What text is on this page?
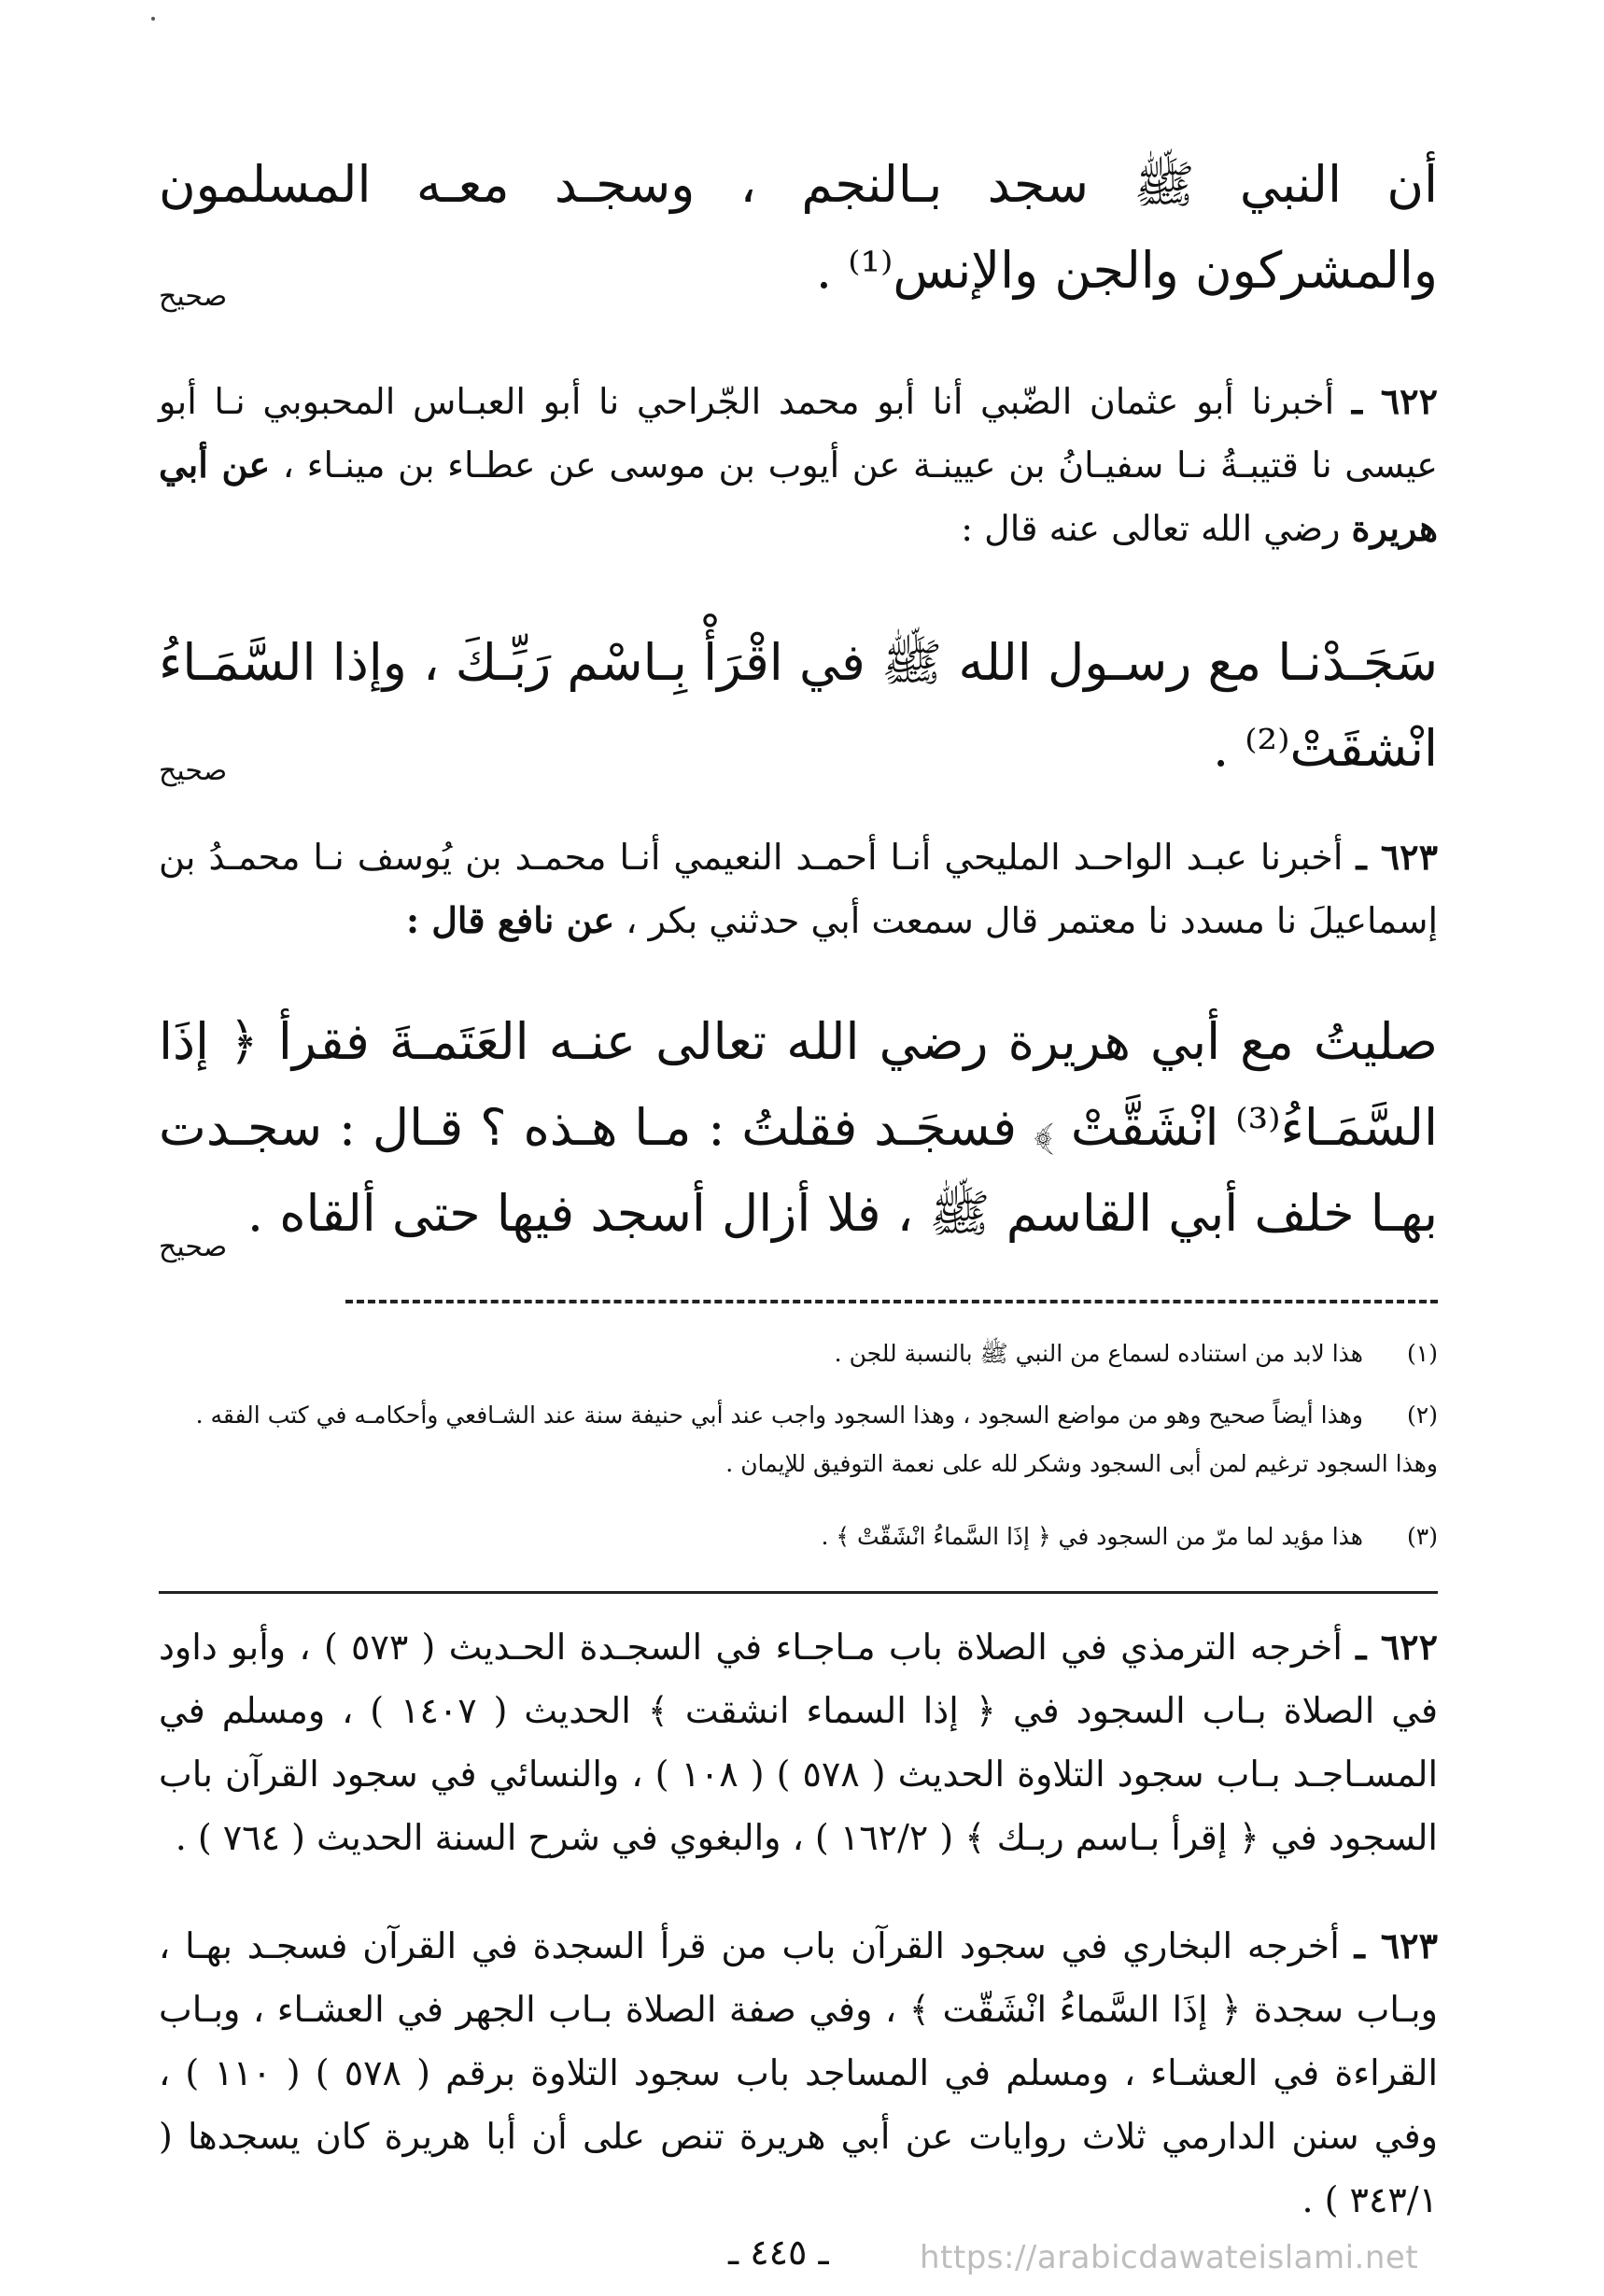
أن النبي ﷺ سجد بـالنجم ، وسجـد معـه المسلمون والمشركون والجن والإنس⁽¹⁾ .
صحيح
٦٢٢ ـ أخبرنا أبو عثمان الضّبي أنا أبو محمد الجّراحي نا أبو العبـاس المحبوبي نـا أبو عيسى نا قتيبـةُ نـا سفيـانُ بن عيينـة عن أيوب بن موسى عن عطـاء بن مينـاء ، عن أبي هريرة رضي الله تعالى عنه قال :
سَجَـدْنـا مع رسـول الله ﷺ في اقْرَأْ بِـاسْم رَبِّـكَ ، وإذا السَّمَـاءُ انْشقَتْ⁽²⁾ .
صحيح
٦٢٣ ـ أخبرنا عبـد الواحـد المليحي أنـا أحمـد النعيمي أنـا محمـد بن يُوسف نـا محمـدُ بن إسماعيلَ نا مسدد نا معتمر قال سمعت أبي حدثني بكر ، عن نافع قال :
صليتُ مع أبي هريرة رضي الله تعالى عنـه العَتَمـةَ فقرأ ﴿ إذَا السَّمَـاءُ⁽³⁾ انْشَقَّتْ ﴾ فسجَـد فقلتُ : مـا هـذه ؟ قـال : سجـدت بهـا خلف أبي القاسم ﷺ ، فلا أزال أسجد فيها حتى ألقاه .
صحيح
(١)هذا لابد من استناده لسماع من النبي ﷺ بالنسبة للجن .
(٢)وهذا أيضاً صحيح وهو من مواضع السجود ، وهذا السجود واجب عند أبي حنيفة سنة عند الشـافعي وأحكامـه في كتب الفقه . وهذا السجود ترغيم لمن أبى السجود وشكر لله على نعمة التوفيق للإيمان .
(٣)هذا مؤيد لما مرّ من السجود في ﴿ إذَا السَّماءُ انْشَقّتْ ﴾ .
٦٢٢ ـ أخرجه الترمذي في الصلاة باب مـاجـاء في السجـدة الحـديث ( ٥٧٣ ) ، وأبو داود في الصلاة بـاب السجود في ﴿ إذا السماء انشقت ﴾ الحديث ( ١٤٠٧ ) ، ومسلم في المسـاجـد بـاب سجود التلاوة الحديث ( ٥٧٨ ) ( ١٠٨ ) ، والنسائي في سجود القرآن باب السجود في ﴿ إقرأ بـاسم ربـك ﴾ ( ١٦٢/٢ ) ، والبغوي في شرح السنة الحديث ( ٧٦٤ ) .
٦٢٣ ـ أخرجه البخاري في سجود القرآن باب من قرأ السجدة في القرآن فسجـد بهـا ، وبـاب سجدة ﴿ إذَا السَّماءُ انْشَقّت ﴾ ، وفي صفة الصلاة بـاب الجهر في العشـاء ، وبـاب القراءة في العشـاء ، ومسلم في المساجد باب سجود التلاوة برقم ( ٥٧٨ ) ( ١١٠ ) ، وفي سنن الدارمي ثلاث روايات عن أبي هريرة تنص على أن أبا هريرة كان يسجدها ( ٣٤٣/١ ) .
ـ ٤٤٥ ـ	https://arabicdawateislami.net
